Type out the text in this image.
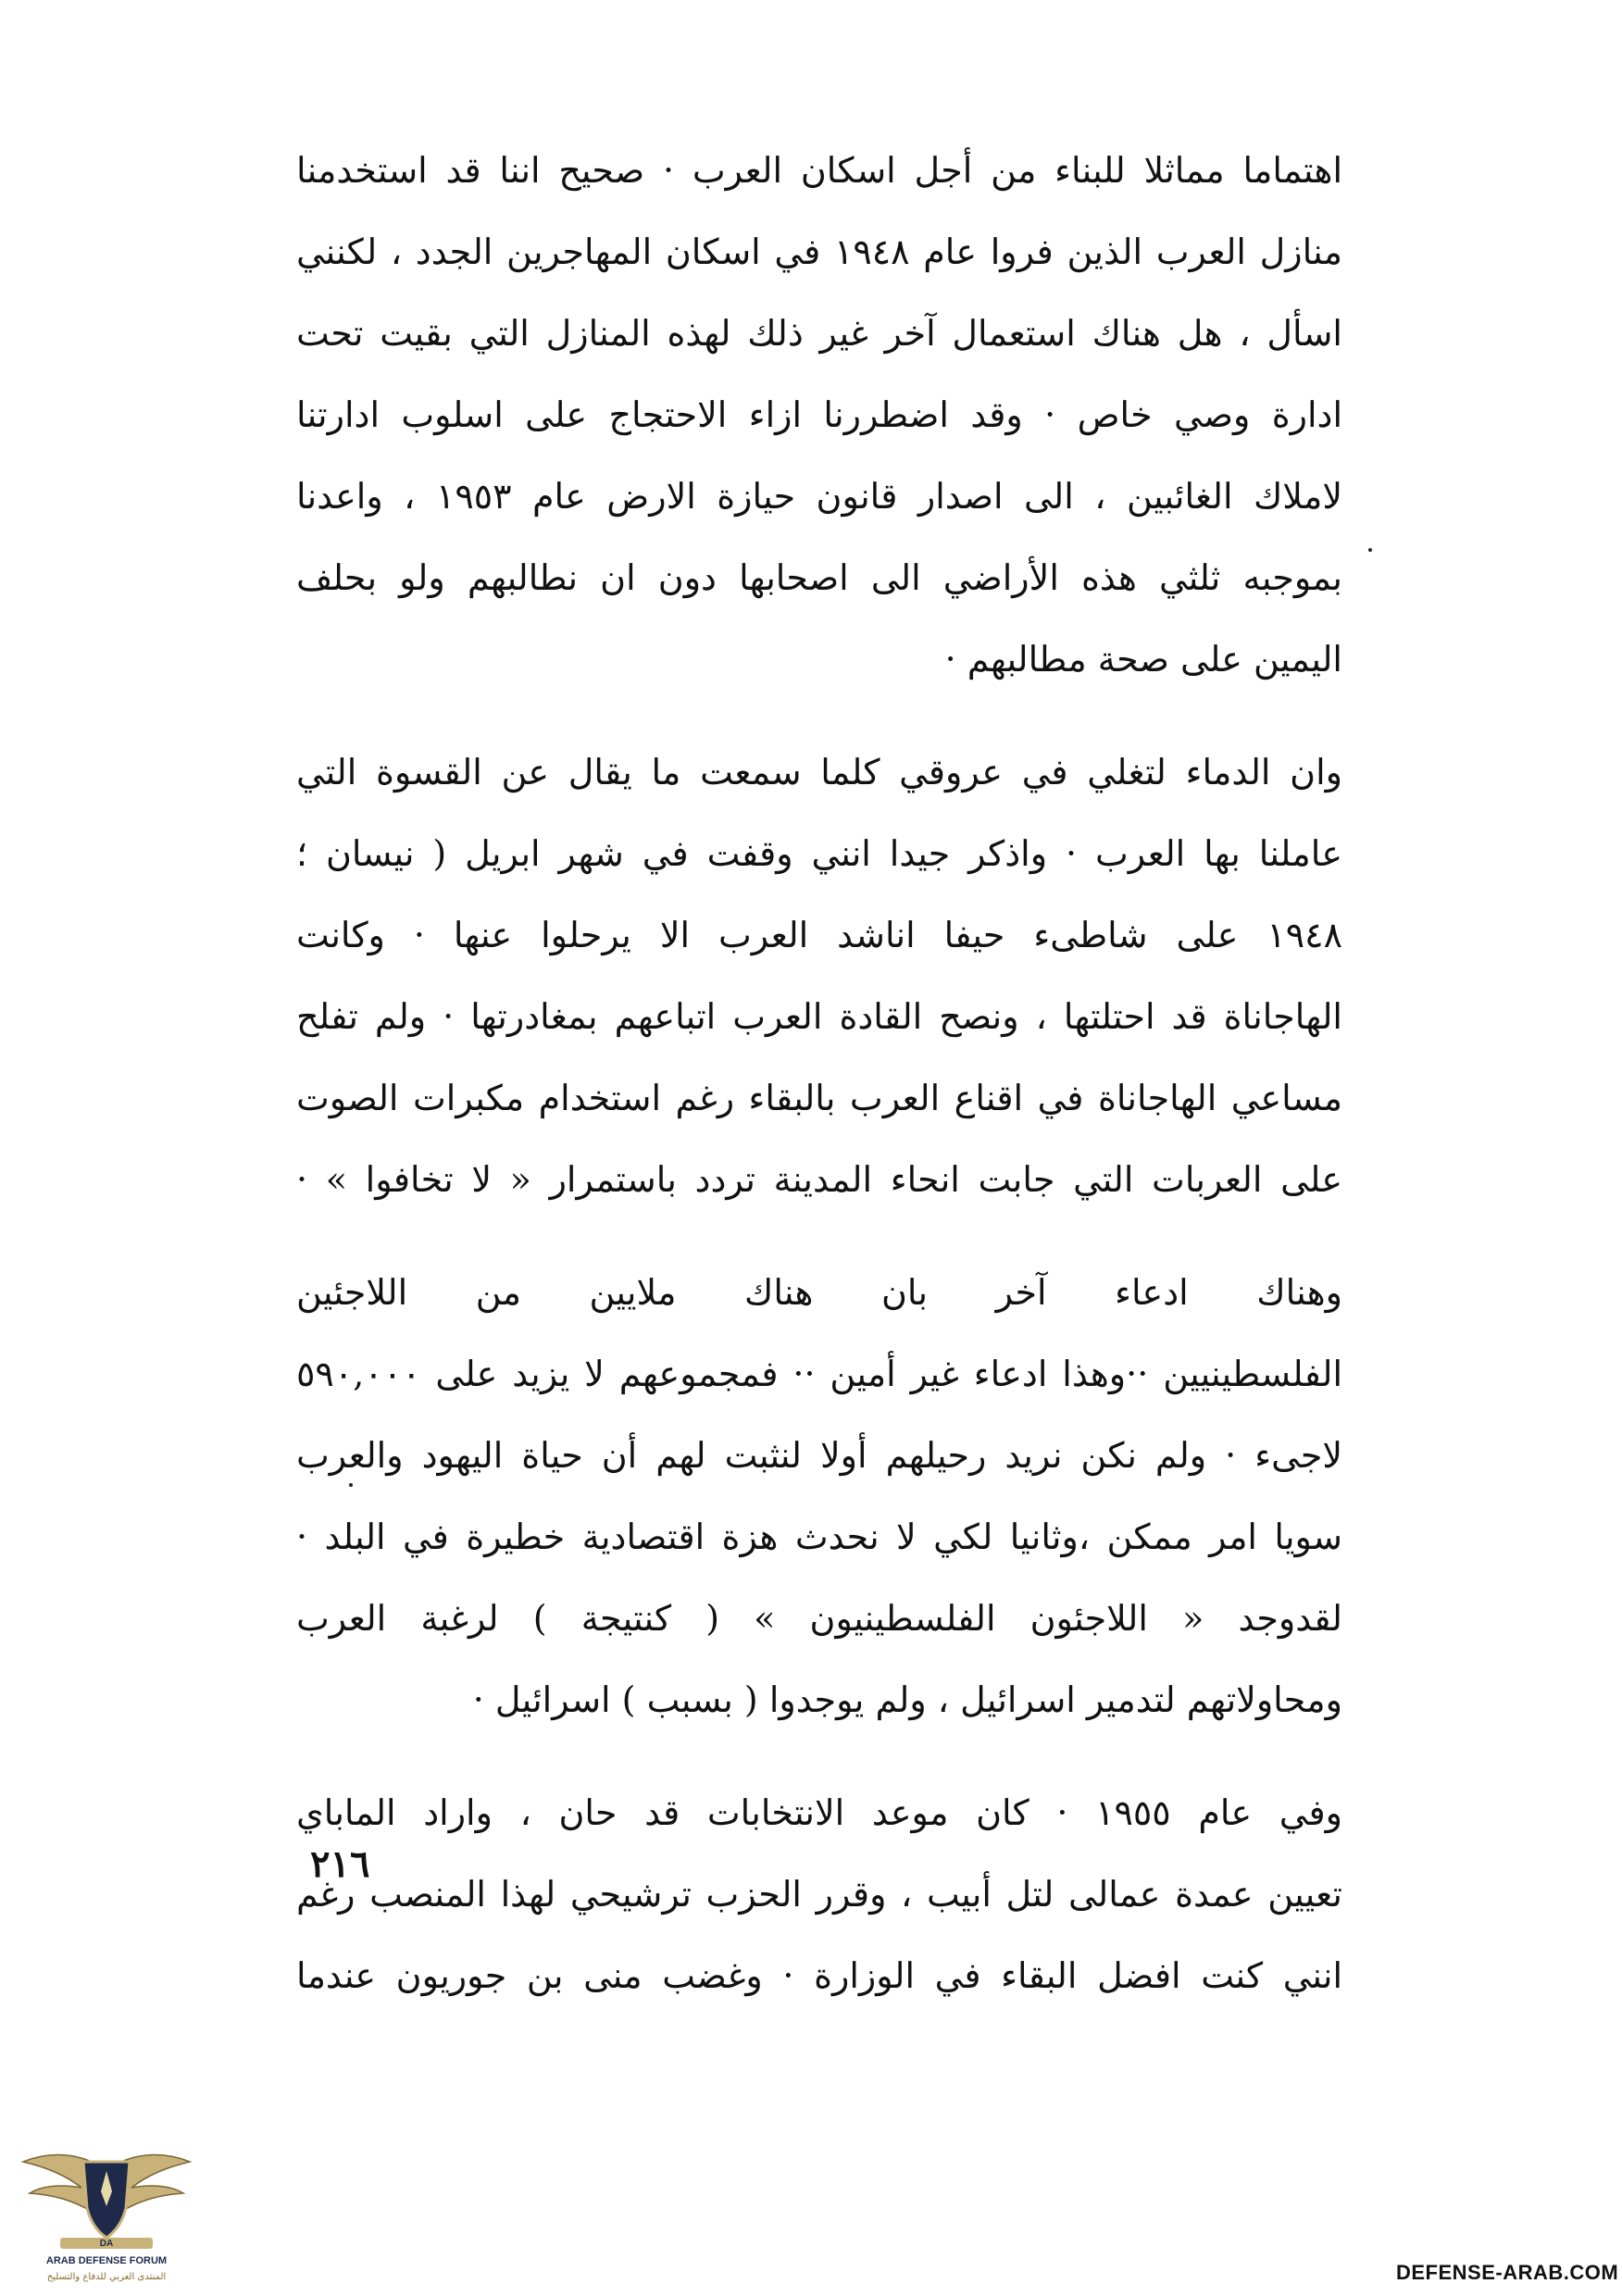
اهتماما مماثلا للبناء من أجل اسكان العرب · صحيح اننا قد استخدمنا
منازل العرب الذين فروا عام ١٩٤٨ في اسكان المهاجرين الجدد ، لكنني
اسأل ، هل هناك استعمال آخر غير ذلك لهذه المنازل التي بقيت تحت
ادارة وصي خاص · وقد اضطررنا ازاء الاحتجاج على اسلوب ادارتنا
لاملاك الغائبين ، الى اصدار قانون حيازة الارض عام ١٩٥٣ ، واعدنا
بموجبه ثلثي هذه الأراضي الى اصحابها دون ان نطالبهم ولو بحلف
اليمين على صحة مطالبهم ·
وان الدماء لتغلي في عروقي كلما سمعت ما يقال عن القسوة التي
عاملنا بها العرب · واذكر جيدا انني وقفت في شهر ابريل ( نيسان ؛
١٩٤٨ على شاطىء حيفا اناشد العرب الا يرحلوا عنها · وكانت
الهاجاناة قد احتلتها ، ونصح القادة العرب اتباعهم بمغادرتها · ولم تفلح
مساعي الهاجاناة في اقناع العرب بالبقاء رغم استخدام مكبرات الصوت
على العربات التي جابت انحاء المدينة تردد باستمرار « لا تخافوا » ·
وهناك ادعاء آخر بان هناك ملايين من اللاجئين
الفلسطينيين ··وهذا ادعاء غير أمين ·· فمجموعهم لا يزيد على ٥٩٠,٠٠٠
لاجىء · ولم نكن نريد رحيلهم أولا لنثبت لهم أن حياة اليهود والعرب
سويا امر ممكن ،وثانيا لكي لا نحدث هزة اقتصادية خطيرة في البلد ·
لقدوجد « اللاجئون الفلسطينيون » ( كنتيجة ) لرغبة العرب
ومحاولاتهم لتدمير اسرائيل ، ولم يوجدوا ( بسبب ) اسرائيل ·
وفي عام ١٩٥٥ · كان موعد الانتخابات قد حان ، واراد الماباي
تعيين عمدة عمالى لتل أبيب ، وقرر الحزب ترشيحي لهذا المنصب رغم
انني كنت افضل البقاء في الوزارة · وغضب منى بن جوريون عندما
٢١٦
DA
ARAB DEFENSE FORUM
المنتدى العربي للدفاع والتسليح	DEFENSE-ARAB.COM
